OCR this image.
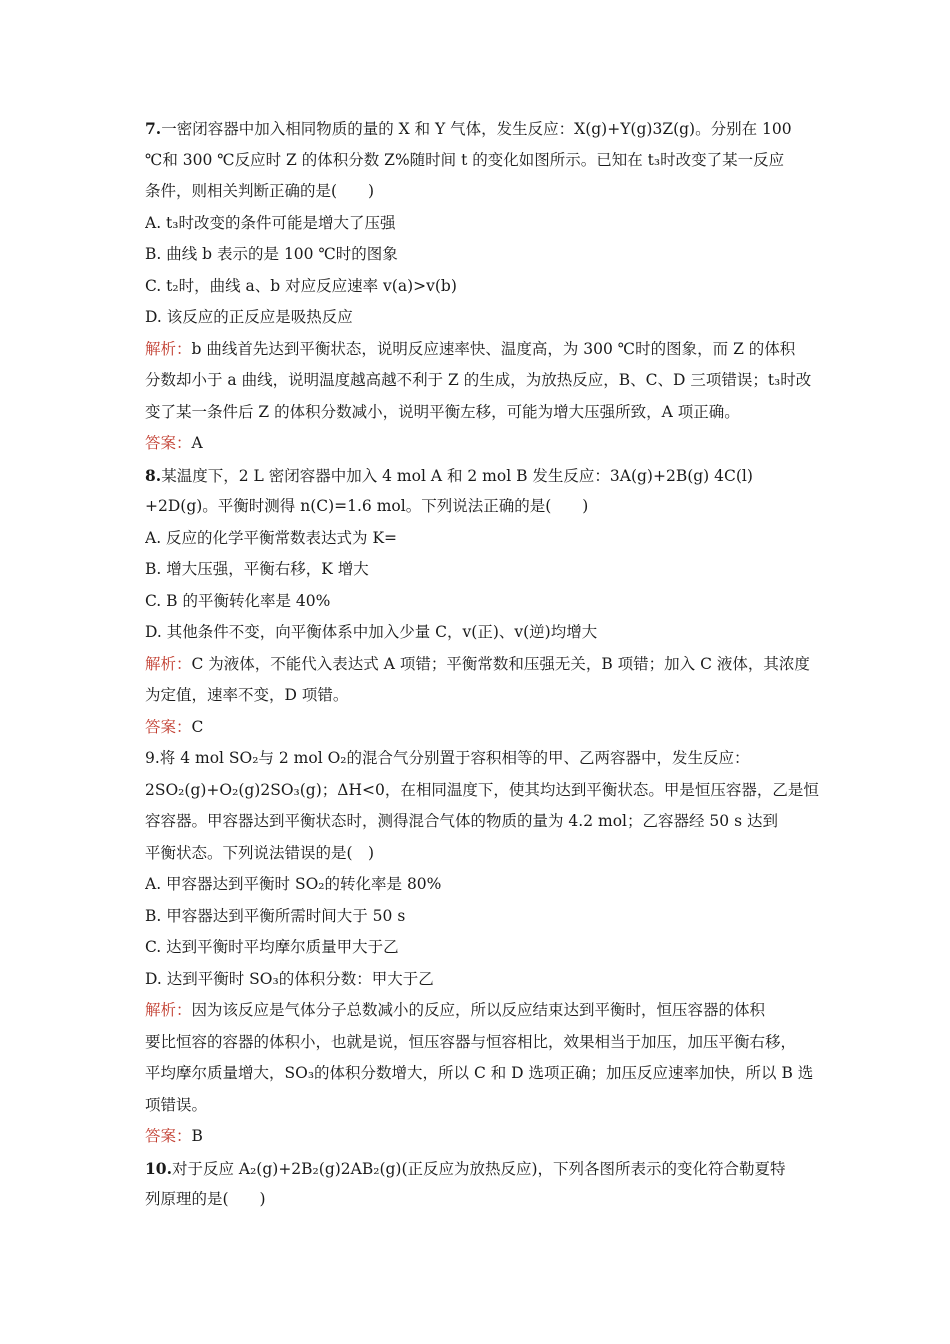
7.一密闭容器中加入相同物质的量的 X 和 Y 气体，发生反应：X(g)+Y(g)3Z(g)。分别在 100
℃和 300 ℃反应时 Z 的体积分数 Z%随时间 t 的变化如图所示。已知在 t₃时改变了某一反应
条件，则相关判断正确的是(　　)
A. t₃时改变的条件可能是增大了压强
B. 曲线 b 表示的是 100 ℃时的图象
C. t₂时，曲线 a、b 对应反应速率 v(a)>v(b)
D. 该反应的正反应是吸热反应
解析：b 曲线首先达到平衡状态，说明反应速率快、温度高，为 300 ℃时的图象，而 Z 的体积
分数却小于 a 曲线，说明温度越高越不利于 Z 的生成，为放热反应，B、C、D 三项错误；t₃时改
变了某一条件后 Z 的体积分数减小，说明平衡左移，可能为增大压强所致，A 项正确。
答案：A
8.某温度下，2 L 密闭容器中加入 4 mol A 和 2 mol B 发生反应：3A(g)+2B(g) 4C(l)
+2D(g)。平衡时测得 n(C)=1.6 mol。下列说法正确的是(　　)
A. 反应的化学平衡常数表达式为 K=
B. 增大压强，平衡右移，K 增大
C. B 的平衡转化率是 40%
D. 其他条件不变，向平衡体系中加入少量 C，v(正)、v(逆)均增大
解析：C 为液体，不能代入表达式 A 项错；平衡常数和压强无关，B 项错；加入 C 液体，其浓度
为定值，速率不变，D 项错。
答案：C
9.将 4 mol SO₂与 2 mol O₂的混合气分别置于容积相等的甲、乙两容器中，发生反应：
2SO₂(g)+O₂(g)2SO₃(g)；ΔH<0，在相同温度下，使其均达到平衡状态。甲是恒压容器，乙是恒
容容器。甲容器达到平衡状态时，测得混合气体的物质的量为 4.2 mol；乙容器经 50 s 达到
平衡状态。下列说法错误的是(　)
A. 甲容器达到平衡时 SO₂的转化率是 80%
B. 甲容器达到平衡所需时间大于 50 s
C. 达到平衡时平均摩尔质量甲大于乙
D. 达到平衡时 SO₃的体积分数：甲大于乙
解析：因为该反应是气体分子总数减小的反应，所以反应结束达到平衡时，恒压容器的体积
要比恒容的容器的体积小，也就是说，恒压容器与恒容相比，效果相当于加压，加压平衡右移，
平均摩尔质量增大，SO₃的体积分数增大，所以 C 和 D 选项正确；加压反应速率加快，所以 B 选
项错误。
答案：B
10.对于反应 A₂(g)+2B₂(g)2AB₂(g)(正反应为放热反应)，下列各图所表示的变化符合勒夏特
列原理的是(　　)
